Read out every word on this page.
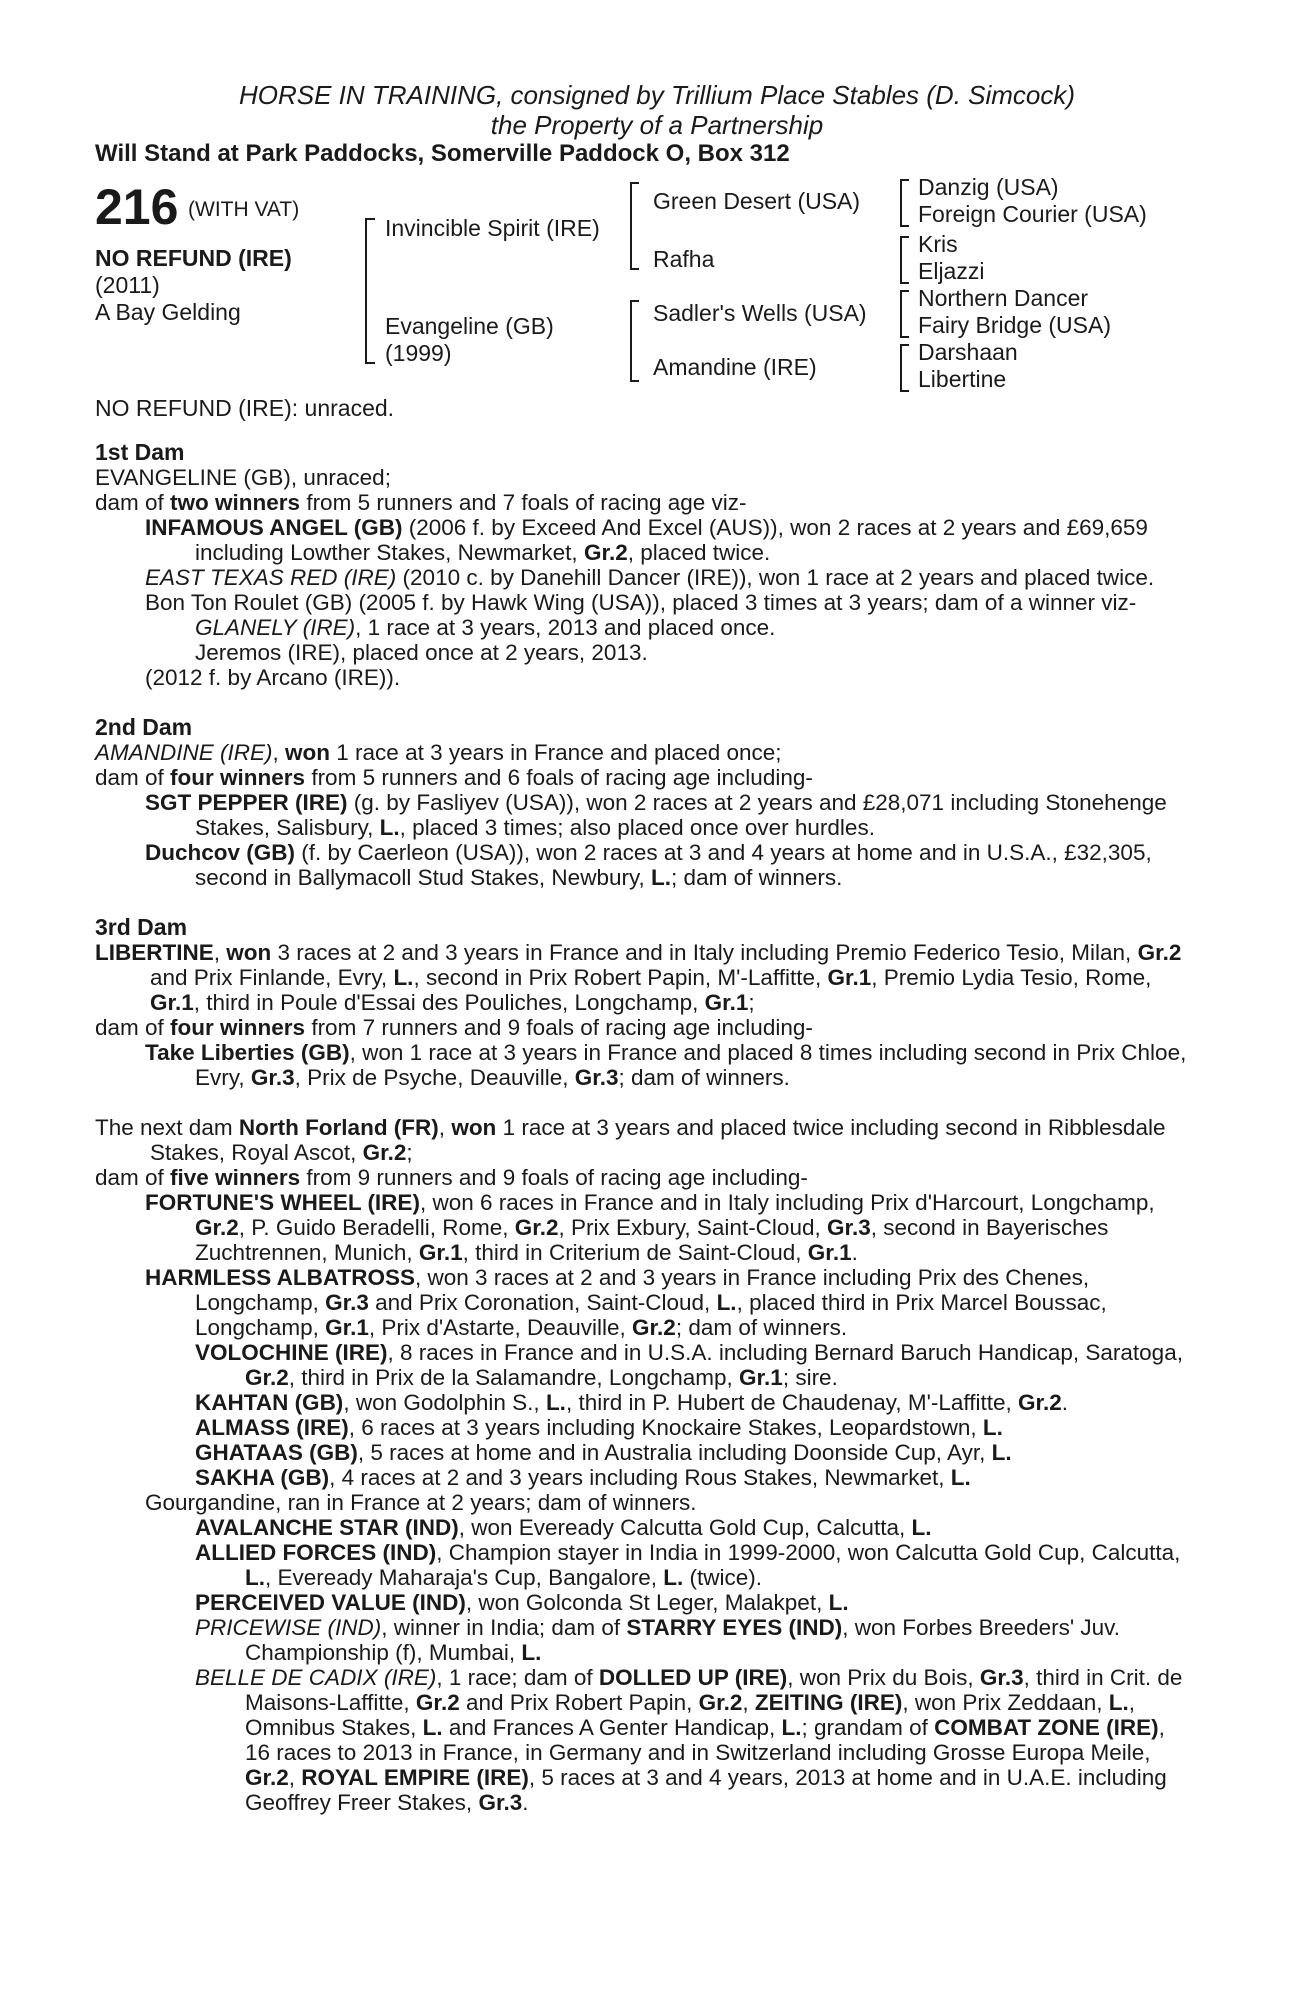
HORSE IN TRAINING, consigned by Trillium Place Stables (D. Simcock)
the Property of a Partnership
Will Stand at Park Paddocks, Somerville Paddock O, Box 312
216 (WITH VAT)
NO REFUND (IRE)
(2011)
A Bay Gelding
Invincible Spirit (IRE)
Evangeline (GB)
(1999)
Green Desert (USA)
Rafha
Sadler's Wells (USA)
Amandine (IRE)
Danzig (USA)
Foreign Courier (USA)
Kris
Eljazzi
Northern Dancer
Fairy Bridge (USA)
Darshaan
Libertine
NO REFUND (IRE): unraced.
1st Dam
EVANGELINE (GB), unraced;
dam of two winners from 5 runners and 7 foals of racing age viz-
INFAMOUS ANGEL (GB) (2006 f. by Exceed And Excel (AUS)), won 2 races at 2 years and £69,659 including Lowther Stakes, Newmarket, Gr.2, placed twice.
EAST TEXAS RED (IRE) (2010 c. by Danehill Dancer (IRE)), won 1 race at 2 years and placed twice.
Bon Ton Roulet (GB) (2005 f. by Hawk Wing (USA)), placed 3 times at 3 years; dam of a winner viz-
GLANELY (IRE), 1 race at 3 years, 2013 and placed once.
Jeremos (IRE), placed once at 2 years, 2013.
(2012 f. by Arcano (IRE)).
2nd Dam
AMANDINE (IRE), won 1 race at 3 years in France and placed once;
dam of four winners from 5 runners and 6 foals of racing age including-
SGT PEPPER (IRE) (g. by Fasliyev (USA)), won 2 races at 2 years and £28,071 including Stonehenge Stakes, Salisbury, L., placed 3 times; also placed once over hurdles.
Duchcov (GB) (f. by Caerleon (USA)), won 2 races at 3 and 4 years at home and in U.S.A., £32,305, second in Ballymacoll Stud Stakes, Newbury, L.; dam of winners.
3rd Dam
LIBERTINE, won 3 races at 2 and 3 years in France and in Italy including Premio Federico Tesio, Milan, Gr.2 and Prix Finlande, Evry, L., second in Prix Robert Papin, M'-Laffitte, Gr.1, Premio Lydia Tesio, Rome, Gr.1, third in Poule d'Essai des Pouliches, Longchamp, Gr.1;
dam of four winners from 7 runners and 9 foals of racing age including-
Take Liberties (GB), won 1 race at 3 years in France and placed 8 times including second in Prix Chloe, Evry, Gr.3, Prix de Psyche, Deauville, Gr.3; dam of winners.
The next dam North Forland (FR), won 1 race at 3 years and placed twice including second in Ribblesdale Stakes, Royal Ascot, Gr.2;
dam of five winners from 9 runners and 9 foals of racing age including-
FORTUNE'S WHEEL (IRE), won 6 races in France and in Italy including Prix d'Harcourt, Longchamp, Gr.2, P. Guido Beradelli, Rome, Gr.2, Prix Exbury, Saint-Cloud, Gr.3, second in Bayerisches Zuchtrennen, Munich, Gr.1, third in Criterium de Saint-Cloud, Gr.1.
HARMLESS ALBATROSS, won 3 races at 2 and 3 years in France including Prix des Chenes, Longchamp, Gr.3 and Prix Coronation, Saint-Cloud, L., placed third in Prix Marcel Boussac, Longchamp, Gr.1, Prix d'Astarte, Deauville, Gr.2; dam of winners.
VOLOCHINE (IRE), 8 races in France and in U.S.A. including Bernard Baruch Handicap, Saratoga, Gr.2, third in Prix de la Salamandre, Longchamp, Gr.1; sire.
KAHTAN (GB), won Godolphin S., L., third in P. Hubert de Chaudenay, M'-Laffitte, Gr.2.
ALMASS (IRE), 6 races at 3 years including Knockaire Stakes, Leopardstown, L.
GHATAAS (GB), 5 races at home and in Australia including Doonside Cup, Ayr, L.
SAKHA (GB), 4 races at 2 and 3 years including Rous Stakes, Newmarket, L.
Gourgandine, ran in France at 2 years; dam of winners.
AVALANCHE STAR (IND), won Eveready Calcutta Gold Cup, Calcutta, L.
ALLIED FORCES (IND), Champion stayer in India in 1999-2000, won Calcutta Gold Cup, Calcutta, L., Eveready Maharaja's Cup, Bangalore, L. (twice).
PERCEIVED VALUE (IND), won Golconda St Leger, Malakpet, L.
PRICEWISE (IND), winner in India; dam of STARRY EYES (IND), won Forbes Breeders' Juv. Championship (f), Mumbai, L.
BELLE DE CADIX (IRE), 1 race; dam of DOLLED UP (IRE), won Prix du Bois, Gr.3, third in Crit. de Maisons-Laffitte, Gr.2 and Prix Robert Papin, Gr.2, ZEITING (IRE), won Prix Zeddaan, L., Omnibus Stakes, L. and Frances A Genter Handicap, L.; grandam of COMBAT ZONE (IRE), 16 races to 2013 in France, in Germany and in Switzerland including Grosse Europa Meile, Gr.2, ROYAL EMPIRE (IRE), 5 races at 3 and 4 years, 2013 at home and in U.A.E. including Geoffrey Freer Stakes, Gr.3.
